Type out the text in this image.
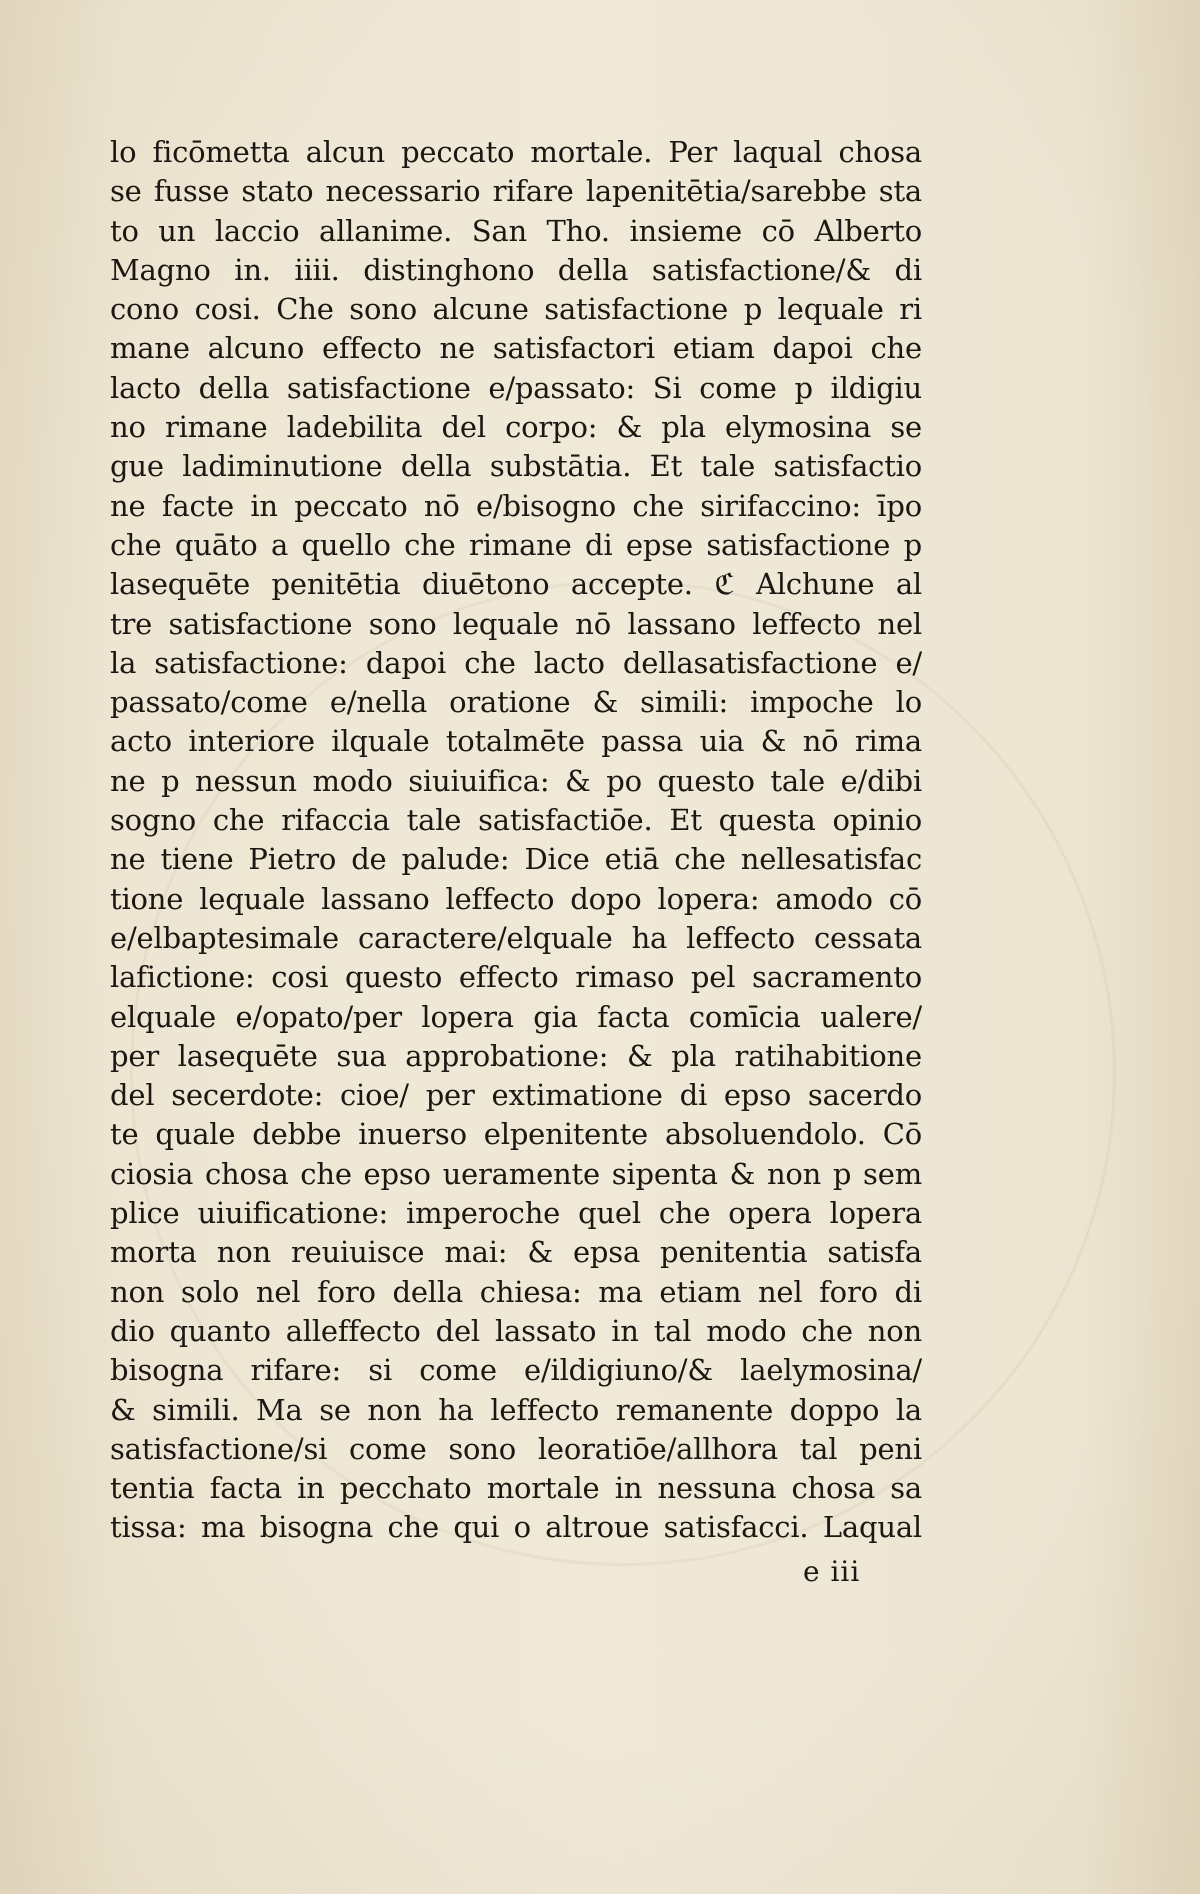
lo ficōmetta alcun peccato mortale. Per laqual chosa
se fusse stato necessario rifare lapenitētia/sarebbe sta
to un laccio allanime. San Tho. insieme cō Alberto
Magno in. iiii. distinghono della satisfactione/& di
cono cosi. Che sono alcune satisfactione p lequale ri
mane alcuno effecto ne satisfactori etiam dapoi che
lacto della satisfactione e/passato: Si come p ildigiu
no rimane ladebilita del corpo: & pla elymosina se
gue ladiminutione della substātia. Et tale satisfactio
ne facte in peccato nō e/bisogno che sirifaccino: īpo
che quāto a quello che rimane di epse satisfactione p
lasequēte penitētia diuētono accepte. ℭ Alchune al
tre satisfactione sono lequale nō lassano leffecto nel
la satisfactione: dapoi che lacto dellasatisfactione e/
passato/come e/nella oratione & simili: impoche lo
acto interiore ilquale totalmēte passa uia & nō rima
ne p nessun modo siuiuifica: & po questo tale e/dibi
sogno che rifaccia tale satisfactiōe. Et questa opinio
ne tiene Pietro de palude: Dice etiā che nellesatisfac
tione lequale lassano leffecto dopo lopera: amodo cō
e/elbaptesimale caractere/elquale ha leffecto cessata
lafictione: cosi questo effecto rimaso pel sacramento
elquale e/opato/per lopera gia facta comīcia ualere/
per lasequēte sua approbatione: & pla ratihabitione
del secerdote: cioe/ per extimatione di epso sacerdo
te quale debbe inuerso elpenitente absoluendolo. Cō
ciosia chosa che epso ueramente sipenta & non p sem
plice uiuificatione: imperoche quel che opera lopera
morta non reuiuisce mai: & epsa penitentia satisfa
non solo nel foro della chiesa: ma etiam nel foro di
dio quanto alleffecto del lassato in tal modo che non
bisogna rifare: si come e/ildigiuno/& laelymosina/
& simili. Ma se non ha leffecto remanente doppo la
satisfactione/si come sono leoratiōe/allhora tal peni
tentia facta in pecchato mortale in nessuna chosa sa
tissa: ma bisogna che qui o altroue satisfacci. Laqual
e iii
